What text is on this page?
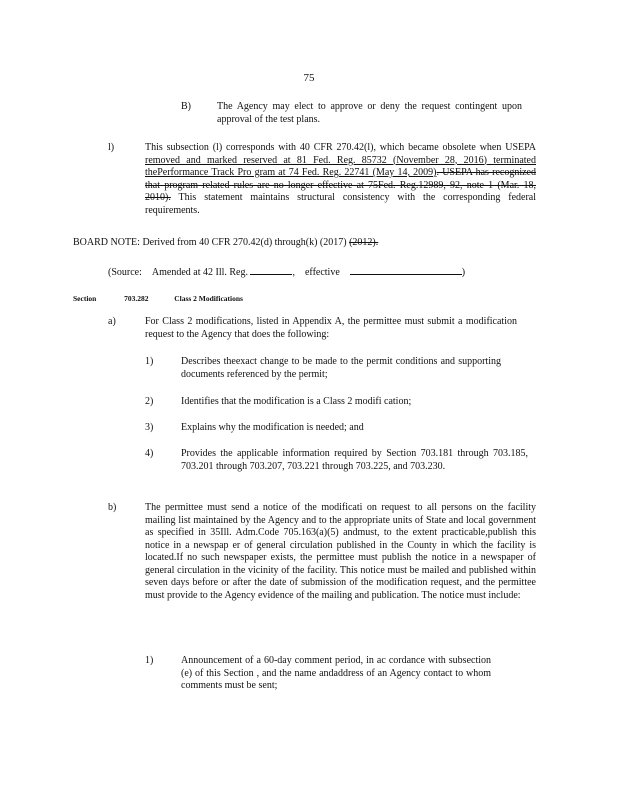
75
B)	The Agency may elect to approve or deny the request contingent upon approval of the test plans.
l)	This subsection (l) corresponds with 40 CFR 270.42(l), which became obsolete when USEPA removed and marked reserved at 81 Fed. Reg. 85732 (November 28, 2016) terminated thePerformance Track Pro gram at 74 Fed. Reg. 22741 (May 14, 2009). USEPA has recognized that program related rules are no longer effective at 75Fed. Reg.12989, 92, note 1 (Mar. 18, 2010). This statement maintains structural consistency with the corresponding federal requirements.
BOARD NOTE: Derived from 40 CFR 270.42(d) through(k) (2017) (2012).
(Source: Amended at 42 Ill. Reg.	, effective	)
Section	703.282	Class 2 Modifications
a)	For Class 2 modifications, listed in Appendix A, the permittee must submit a modification request to the Agency that does the following:
1)	Describes theexact change to be made to the permit conditions and supporting documents referenced by the permit;
2)	Identifies that the modification is a Class 2 modifi cation;
3)	Explains why the modification is needed; and
4)	Provides the applicable information required by Section 703.181 through 703.185, 703.201 through 703.207, 703.221 through 703.225, and 703.230.
b)	The permittee must send a notice of the modificati on request to all persons on the facility mailing list maintained by the Agency and to the appropriate units of State and local government as specified in 35Ill. Adm.Code 705.163(a)(5) andmust, to the extent practicable,publish this notice in a newspap er of general circulation published in the County in which the facility is located.If no such newspaper exists, the permittee must publish the notice in a newspaper of general circulation in the vicinity of the facility. This notice must be mailed and published within seven days before or after the date of submission of the modification request, and the permittee must provide to the Agency evidence of the mailing and publication. The notice must include:
1)	Announcement of a 60-day comment period, in ac cordance with subsection (e) of this Section , and the name andaddress of an Agency contact to whom comments must be sent;
